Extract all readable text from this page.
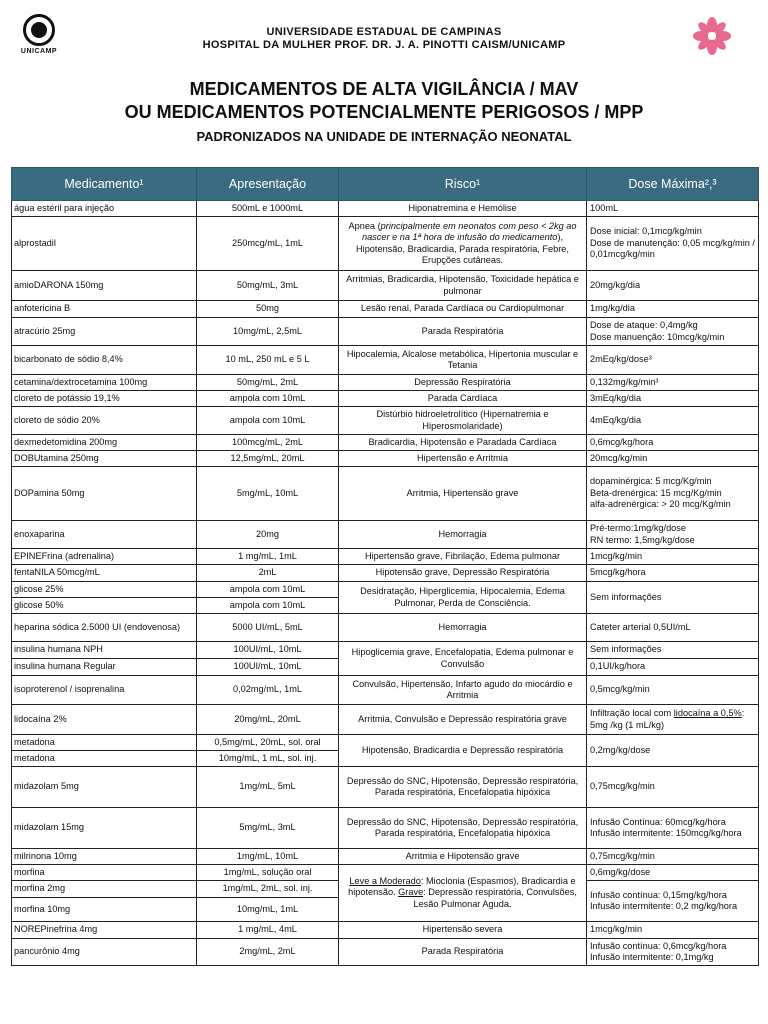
UNICAMP
UNIVERSIDADE ESTADUAL DE CAMPINAS
HOSPITAL DA MULHER PROF. DR. J. A. PINOTTI CAISM/UNICAMP
MEDICAMENTOS DE ALTA VIGILÂNCIA / MAV
OU MEDICAMENTOS POTENCIALMENTE PERIGOSOS / MPP
PADRONIZADOS NA UNIDADE DE INTERNAÇÃO NEONATAL
Medicamento¹	Apresentação	Risco¹	Dose Máxima²,³
água estéril para injeção	500mL e 1000mL	Hiponatremina e Hemólise	100mL
alprostadil	250mcg/mL, 1mL	Apnea (principalmente em neonatos com peso < 2kg ao nascer e na 1ª hora de infusão do medicamento), Hipotensão, Bradicardia, Parada respiratória, Febre, Erupções cutâneas.	Dose inicial: 0,1mcg/kg/min
Dose de manutenção: 0,05 mcg/kg/min / 0,01mcg/kg/min

amioDARONA 150mg	50mg/mL, 3mL	Arritmias, Bradicardia, Hipotensão, Toxicidade hepática e pulmonar	20mg/kg/dia
anfotericina B	50mg	Lesão renal, Parada Cardíaca ou Cardiopulmonar	1mg/kg/dia
atracúrio 25mg	10mg/mL, 2,5mL	Parada Respiratória	Dose de ataque: 0,4mg/kg
Dose manuenção: 10mcg/kg/min

bicarbonato de sódio 8,4%	10 mL, 250 mL e 5 L	Hipocalemia, Alcalose metabólica, Hipertonia muscular e Tetania	2mEq/kg/dose³
cetamina/dextrocetamina 100mg	50mg/mL, 2mL	Depressão Respiratória	0,132mg/kg/min³
cloreto de potássio 19,1%	ampola com 10mL	Parada Cardíaca	3mEq/kg/dia
cloreto de sódio 20%	ampola com 10mL	Distúrbio hidroeletrolítico (Hipernatremia e Hiperosmolaridade)	4mEq/kg/dia
dexmedetomidina 200mg	100mcg/mL, 2mL	Bradicardia, Hipotensão e Paradada Cardíaca	0,6mcg/kg/hora
DOBUtamina 250mg	12,5mg/mL, 20mL	Hipertensão e Arritmia	20mcg/kg/min
DOPamina 50mg	5mg/mL, 10mL	Arritmia, Hipertensão grave	dopaminérgica: 5 mcg/Kg/min
Beta-drenérgica: 15 mcg/Kg/min
alfa-adrenérgica: > 20 mcg/Kg/min

enoxaparina	20mg	Hemorragia	Pré-termo:1mg/kg/dose
RN termo: 1,5mg/kg/dose

EPINEFrina (adrenalina)	1 mg/mL, 1mL	Hipertensão grave, Fibrilação, Edema pulmonar	1mcg/kg/min
fentaNILA 50mcg/mL	2mL	Hipotensão grave, Depressão Respiratória	5mcg/kg/hora
glicose 25%	ampola com 10mL	Desidratação, Hiperglicemia, Hipocalemia, Edema Pulmonar, Perda de Consciência.	Sem informações
glicose 50%	ampola com 10mL		
heparina sódica 2.5000 UI (endovenosa)	5000 UI/mL, 5mL	Hemorragia	Cateter arterial 0,5UI/mL
insulina humana NPH	100UI/mL, 10mL	Hipoglicemia grave, Encefalopatia, Edema pulmonar e Convulsão	Sem informações
insulina humana Regular	100UI/mL, 10mL		0,1UI/kg/hora
isoproterenol / isoprenalina	0,02mg/mL, 1mL	Convulsão, Hipertensão, Infarto agudo do miocárdio e Arritmia	0,5mcg/kg/min
lidocaína 2%	20mg/mL, 20mL	Arritmia, Convulsão e Depressão respiratória grave	Infiltração local com lidocaína a 0,5%: 5mg /kg (1 mL/kg)
metadona	0,5mg/mL, 20mL, sol. oral	Hipotensão, Bradicardia e Depressão respiratória	0,2mg/kg/dose
metadona	10mg/mL, 1 mL, sol. inj.		
midazolam 5mg	1mg/mL, 5mL	Depressão do SNC, Hipotensão, Depressão respiratória, Parada respiratória, Encefalopatia hipóxica	0,75mcg/kg/min
midazolam 15mg	5mg/mL, 3mL	Depressão do SNC, Hipotensão, Depressão respiratória, Parada respiratória, Encefalopatia hipóxica	Infusão Contínua: 60mcg/kg/hora
Infusão intermitente: 150mcg/kg/hora

milrinona 10mg	1mg/mL, 10mL	Arritmia e Hipotensão grave	0,75mcg/kg/min
morfina	1mg/mL, solução oral	Leve a Moderado: Mioclonia (Espasmos), Bradicardia e hipotensão. Grave: Depressão respiratória, Convulsões, Lesão Pulmonar Aguda.	0,6mg/kg/dose
morfina 2mg	1mg/mL, 2mL, sol. inj.		Infusão contínua: 0,15mg/kg/hora
Infusão intermitente: 0,2 mg/kg/hora

morfina 10mg	10mg/mL, 1mL		
NOREPinefrina 4mg	1 mg/mL, 4mL	Hipertensão severa	1mcg/kg/min
pancurônio 4mg	2mg/mL, 2mL	Parada Respiratória	Infusão contínua: 0,6mcg/kg/hora
Infusão intermitente: 0,1mg/kg
